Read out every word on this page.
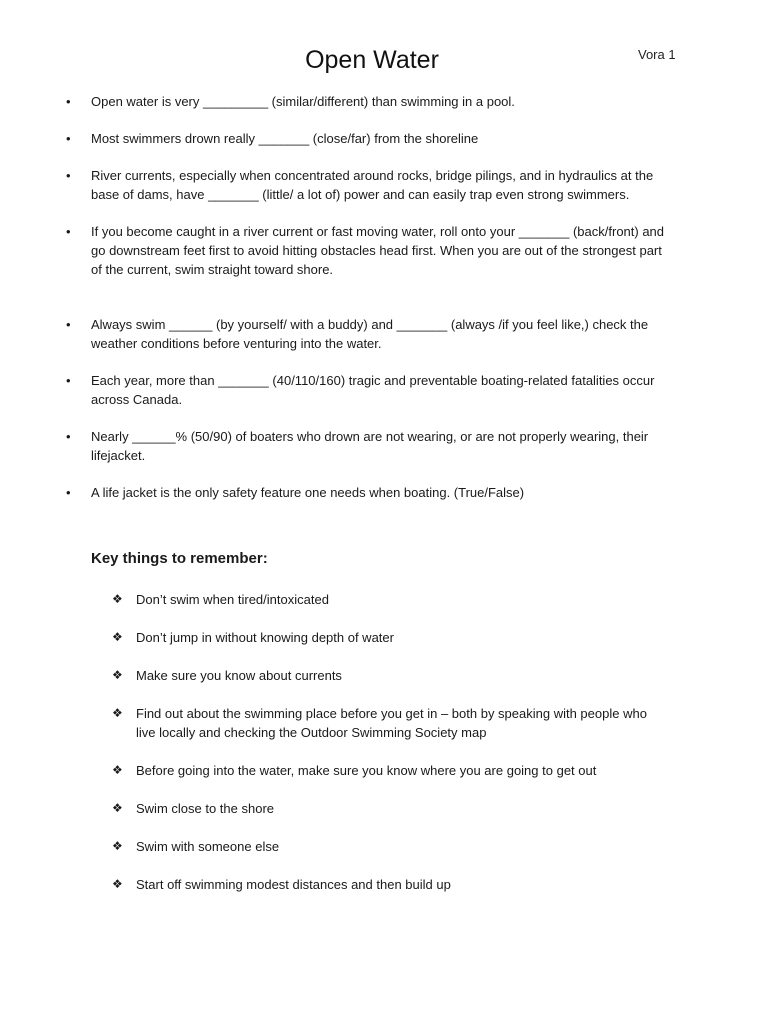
Vora 1
Open Water
• Open water is very _________ (similar/different) than swimming in a pool.
• Most swimmers drown really _______ (close/far) from the shoreline
• River currents, especially when concentrated around rocks, bridge pilings, and in hydraulics at the base of dams, have _______ (little/ a lot of) power and can easily trap even strong swimmers.
• If you become caught in a river current or fast moving water, roll onto your _______ (back/front) and go downstream feet first to avoid hitting obstacles head first. When you are out of the strongest part of the current, swim straight toward shore.
• Always swim ______ (by yourself/ with a buddy) and _______ (always /if you feel like,) check the weather conditions before venturing into the water.
• Each year, more than _______ (40/110/160) tragic and preventable boating-related fatalities occur across Canada.
• Nearly ______% (50/90) of boaters who drown are not wearing, or are not properly wearing, their lifejacket.
• A life jacket is the only safety feature one needs when boating. (True/False)
Key things to remember:
❖ Don’t swim when tired/intoxicated
❖ Don’t jump in without knowing depth of water
❖ Make sure you know about currents
❖ Find out about the swimming place before you get in – both by speaking with people who live locally and checking the Outdoor Swimming Society map
❖ Before going into the water, make sure you know where you are going to get out
❖ Swim close to the shore
❖ Swim with someone else
❖ Start off swimming modest distances and then build up
